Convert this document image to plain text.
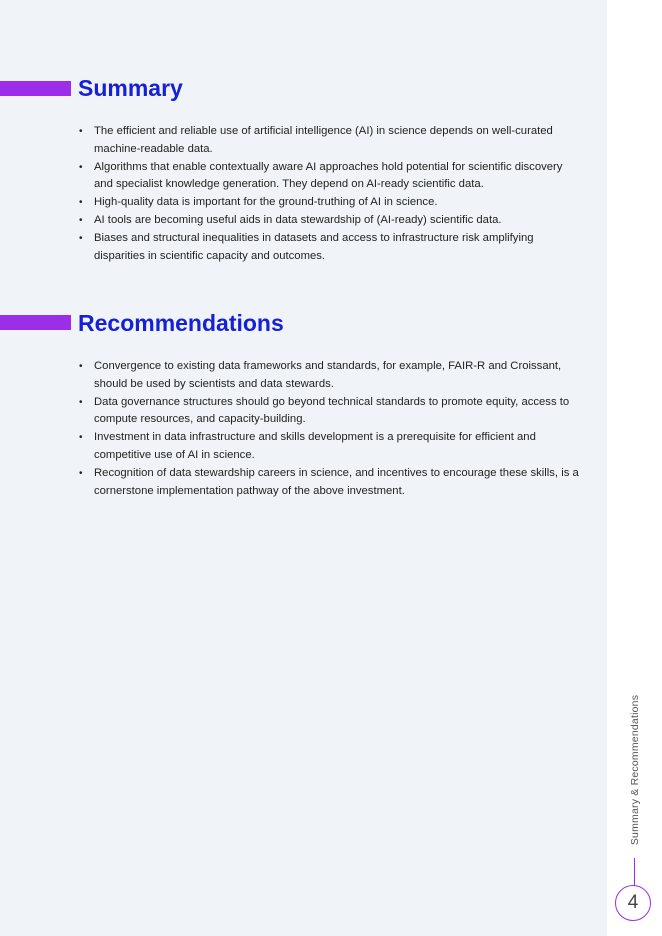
Summary
• The efficient and reliable use of artificial intelligence (AI) in science depends on well-curated machine-readable data.
• Algorithms that enable contextually aware AI approaches hold potential for scientific discovery and specialist knowledge generation. They depend on AI-ready scientific data.
• High-quality data is important for the ground-truthing of AI in science.
• AI tools are becoming useful aids in data stewardship of (AI-ready) scientific data.
• Biases and structural inequalities in datasets and access to infrastructure risk amplifying disparities in scientific capacity and outcomes.
Recommendations
• Convergence to existing data frameworks and standards, for example, FAIR-R and Croissant, should be used by scientists and data stewards.
• Data governance structures should go beyond technical standards to promote equity, access to compute resources, and capacity-building.
• Investment in data infrastructure and skills development is a prerequisite for efficient and competitive use of AI in science.
• Recognition of data stewardship careers in science, and incentives to encourage these skills, is a cornerstone implementation pathway of the above investment.
Summary & Recommendations
4
